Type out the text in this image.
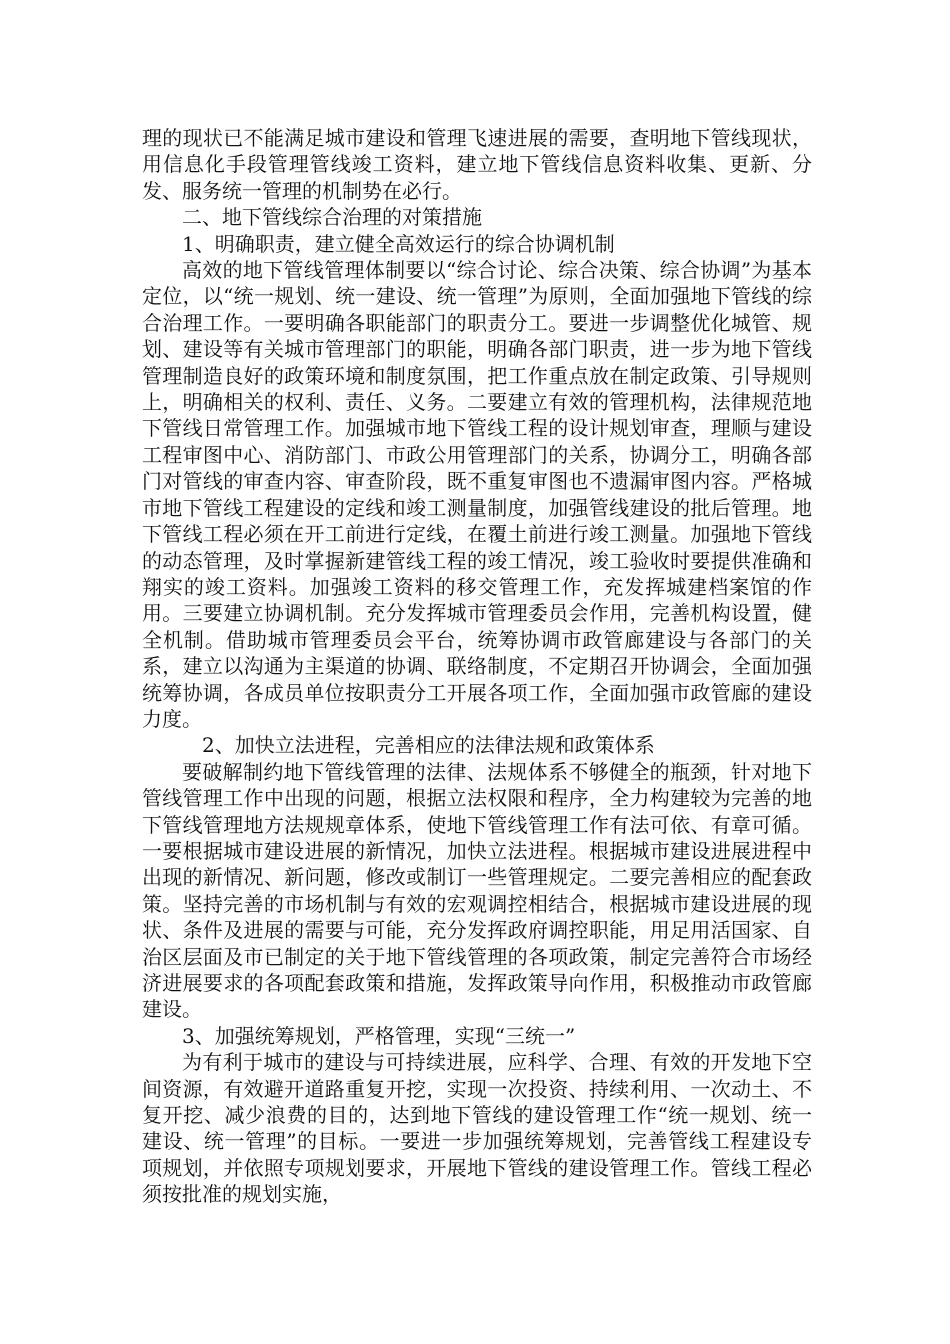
理的现状已不能满足城市建设和管理飞速进展的需要，查明地下管线现状，用信息化手段管理管线竣工资料，建立地下管线信息资料收集、更新、分发、服务统一管理的机制势在必行。

二、地下管线综合治理的对策措施

1、明确职责，建立健全高效运行的综合协调机制

高效的地下管线管理体制要以“综合讨论、综合决策、综合协调”为基本定位，以“统一规划、统一建设、统一管理”为原则，全面加强地下管线的综合治理工作。一要明确各职能部门的职责分工。要进一步调整优化城管、规划、建设等有关城市管理部门的职能，明确各部门职责，进一步为地下管线管理制造良好的政策环境和制度氛围，把工作重点放在制定政策、引导规则上，明确相关的权利、责任、义务。二要建立有效的管理机构，法律规范地下管线日常管理工作。加强城市地下管线工程的设计规划审查，理顺与建设工程审图中心、消防部门、市政公用管理部门的关系，协调分工，明确各部门对管线的审查内容、审查阶段，既不重复审图也不遗漏审图内容。严格城市地下管线工程建设的定线和竣工测量制度，加强管线建设的批后管理。地下管线工程必须在开工前进行定线，在覆土前进行竣工测量。加强地下管线的动态管理，及时掌握新建管线工程的竣工情况，竣工验收时要提供准确和翔实的竣工资料。加强竣工资料的移交管理工作，充发挥城建档案馆的作用。三要建立协调机制。充分发挥城市管理委员会作用，完善机构设置，健全机制。借助城市管理委员会平台，统筹协调市政管廊建设与各部门的关系，建立以沟通为主渠道的协调、联络制度，不定期召开协调会，全面加强统筹协调，各成员单位按职责分工开展各项工作，全面加强市政管廊的建设力度。

2、加快立法进程，完善相应的法律法规和政策体系

要破解制约地下管线管理的法律、法规体系不够健全的瓶颈，针对地下管线管理工作中出现的问题，根据立法权限和程序，全力构建较为完善的地下管线管理地方法规规章体系，使地下管线管理工作有法可依、有章可循。一要根据城市建设进展的新情况，加快立法进程。根据城市建设进展进程中出现的新情况、新问题，修改或制订一些管理规定。二要完善相应的配套政策。坚持完善的市场机制与有效的宏观调控相结合，根据城市建设进展的现状、条件及进展的需要与可能，充分发挥政府调控职能，用足用活国家、自治区层面及市已制定的关于地下管线管理的各项政策，制定完善符合市场经济进展要求的各项配套政策和措施，发挥政策导向作用，积极推动市政管廊建设。

3、加强统筹规划，严格管理，实现“三统一”

为有利于城市的建设与可持续进展，应科学、合理、有效的开发地下空间资源，有效避开道路重复开挖，实现一次投资、持续利用、一次动土、不复开挖、减少浪费的目的，达到地下管线的建设管理工作“统一规划、统一建设、统一管理”的目标。一要进一步加强统筹规划，完善管线工程建设专项规划，并依照专项规划要求，开展地下管线的建设管理工作。管线工程必须按批准的规划实施，
